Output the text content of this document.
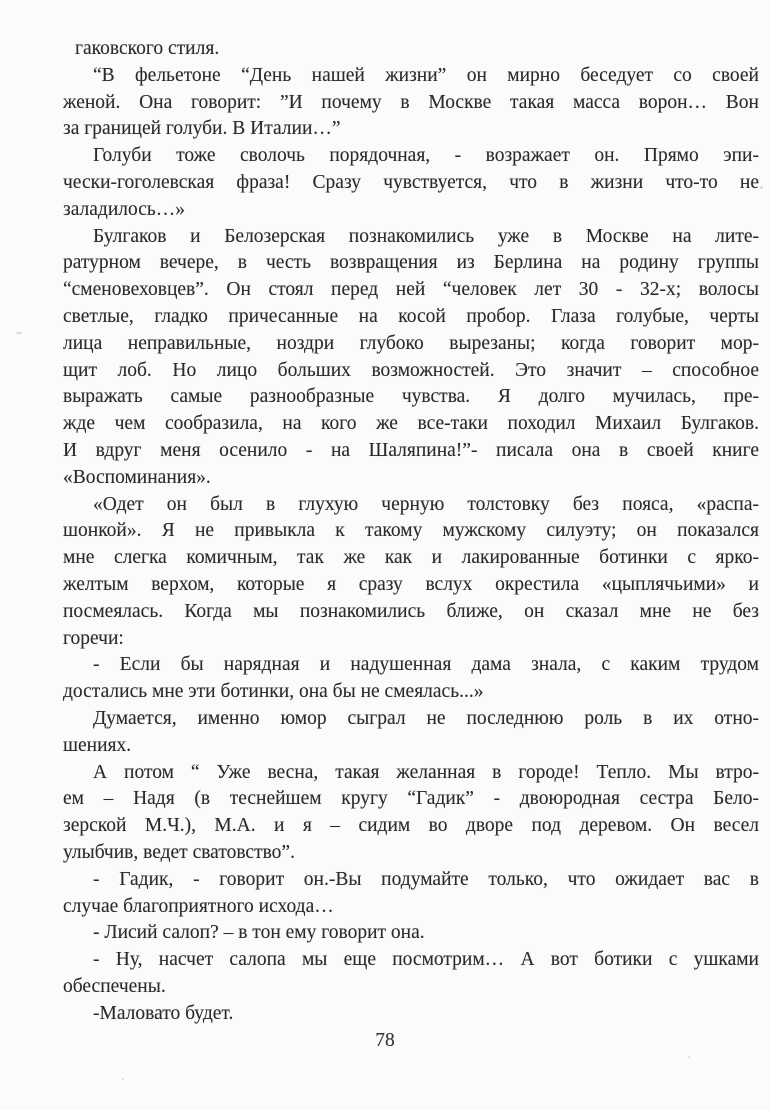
гаковского стиля.
“В фельетоне “День нашей жизни” он мирно беседует со своей
женой. Она говорит: ”И почему в Москве такая масса ворон… Вон
за границей голуби. В Италии…”
Голуби тоже сволочь порядочная, - возражает он. Прямо эпи-
чески-гоголевская фраза! Сразу чувствуется, что в жизни что-то не
заладилось…»
Булгаков и Белозерская познакомились уже в Москве на лите-
ратурном вечере, в честь возвращения из Берлина на родину группы
“сменовеховцев”. Он стоял перед ней “человек лет 30 - 32-х; волосы
светлые, гладко причесанные на косой пробор. Глаза голубые, черты
лица неправильные, ноздри глубоко вырезаны; когда говорит мор-
щит лоб. Но лицо больших возможностей. Это значит – способное
выражать самые разнообразные чувства. Я долго мучилась, пре-
жде чем сообразила, на кого же все-таки походил Михаил Булгаков.
И вдруг меня осенило - на Шаляпина!”- писала она в своей книге
«Воспоминания».
«Одет он был в глухую черную толстовку без пояса, «распа-
шонкой». Я не привыкла к такому мужскому силуэту; он показался
мне слегка комичным, так же как и лакированные ботинки с ярко-
желтым верхом, которые я сразу вслух окрестила «цыплячьими» и
посмеялась. Когда мы познакомились ближе, он сказал мне не без
горечи:
- Если бы нарядная и надушенная дама знала, с каким трудом
достались мне эти ботинки, она бы не смеялась...»
Думается, именно юмор сыграл не последнюю роль в их отно-
шениях.
А потом “ Уже весна, такая желанная в городе! Тепло. Мы втро-
ем – Надя (в теснейшем кругу “Гадик” - двоюродная сестра Бело-
зерской М.Ч.), М.А. и я – сидим во дворе под деревом. Он весел
улыбчив, ведет сватовство”.
- Гадик, - говорит он.-Вы подумайте только, что ожидает вас в
случае благоприятного исхода…
- Лисий салоп? – в тон ему говорит она.
- Ну, насчет салопа мы еще посмотрим… А вот ботики с ушками
обеспечены.
-Маловато будет.
78
